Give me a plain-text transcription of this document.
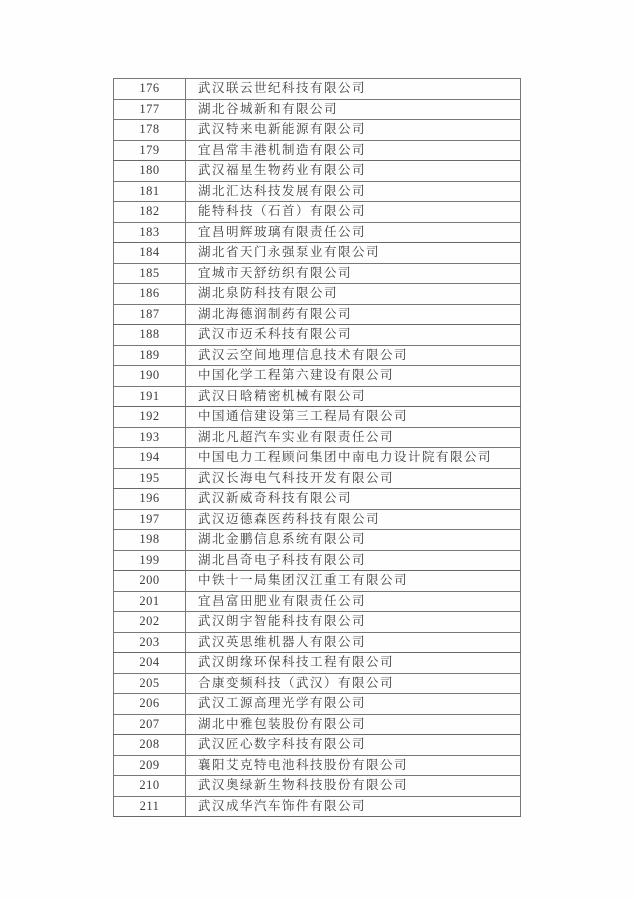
176	武汉联云世纪科技有限公司
177	湖北谷城新和有限公司
178	武汉特来电新能源有限公司
179	宜昌常丰港机制造有限公司
180	武汉福星生物药业有限公司
181	湖北汇达科技发展有限公司
182	能特科技（石首）有限公司
183	宜昌明辉玻璃有限责任公司
184	湖北省天门永强泵业有限公司
185	宜城市天舒纺织有限公司
186	湖北泉防科技有限公司
187	湖北海德润制药有限公司
188	武汉市迈禾科技有限公司
189	武汉云空间地理信息技术有限公司
190	中国化学工程第六建设有限公司
191	武汉日晗精密机械有限公司
192	中国通信建设第三工程局有限公司
193	湖北凡超汽车实业有限责任公司
194	中国电力工程顾问集团中南电力设计院有限公司
195	武汉长海电气科技开发有限公司
196	武汉新威奇科技有限公司
197	武汉迈德森医药科技有限公司
198	湖北金鹏信息系统有限公司
199	湖北昌奇电子科技有限公司
200	中铁十一局集团汉江重工有限公司
201	宜昌富田肥业有限责任公司
202	武汉朗宇智能科技有限公司
203	武汉英思维机器人有限公司
204	武汉朗缘环保科技工程有限公司
205	合康变频科技（武汉）有限公司
206	武汉工源高理光学有限公司
207	湖北中雅包装股份有限公司
208	武汉匠心数字科技有限公司
209	襄阳艾克特电池科技股份有限公司
210	武汉奥绿新生物科技股份有限公司
211	武汉成华汽车饰件有限公司
